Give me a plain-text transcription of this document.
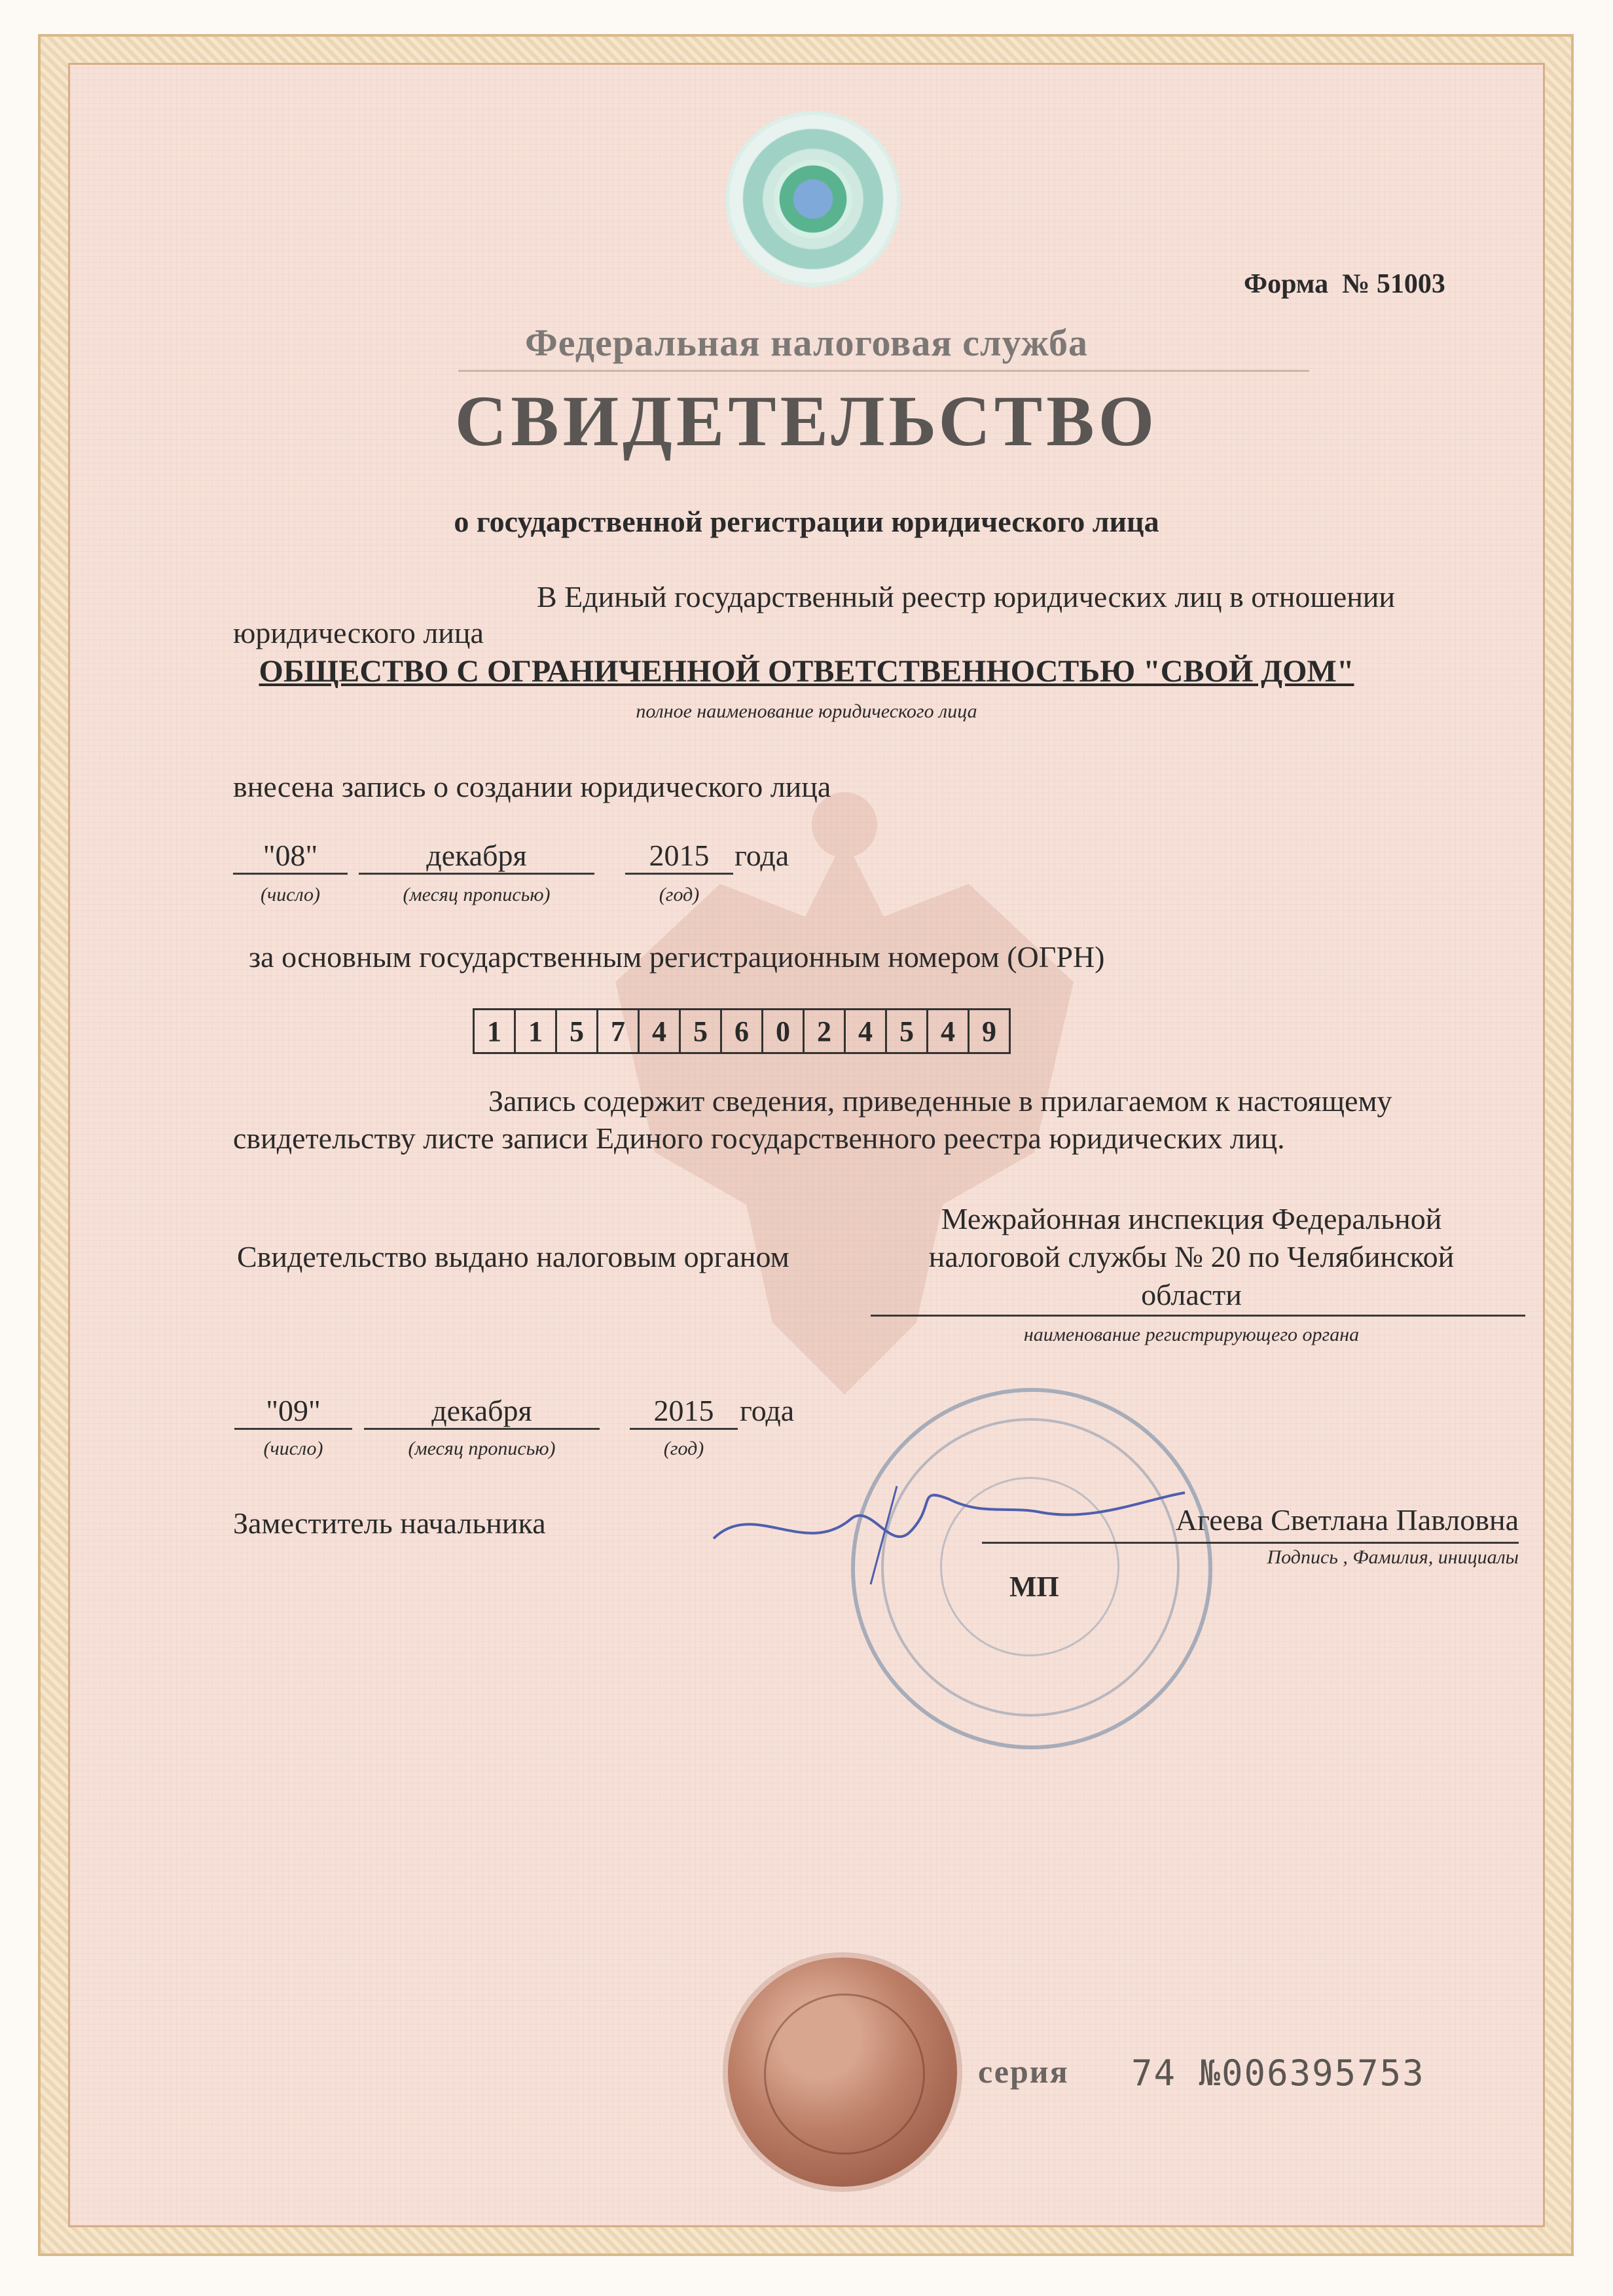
Форма № 51003
Федеральная налоговая служба
СВИДЕТЕЛЬСТВО
о государственной регистрации юридического лица
В Единый государственный реестр юридических лиц в отношении
юридического лица
ОБЩЕСТВО С ОГРАНИЧЕННОЙ ОТВЕТСТВЕННОСТЬЮ "СВОЙ ДОМ"
полное наименование юридического лица
внесена запись о создании юридического лица
"08"	декабря	2015 года
(число)	(месяц прописью)	(год)
за основным государственным регистрационным номером (ОГРН)
1 1 5 7 4 5 6 0 2 4 5 4 9
Запись содержит сведения, приведенные в прилагаемом к настоящему
свидетельству листе записи Единого государственного реестра юридических лиц.
Свидетельство выдано налоговым органом
Межрайонная инспекция Федеральной
налоговой службы № 20 по Челябинской
области
наименование регистрирующего органа
"09"	декабря	2015 года
(число)	(месяц прописью)	(год)
Заместитель начальника	Агеева Светлана Павловна
Подпись , Фамилия, инициалы
МП
серия 74 №006395753
